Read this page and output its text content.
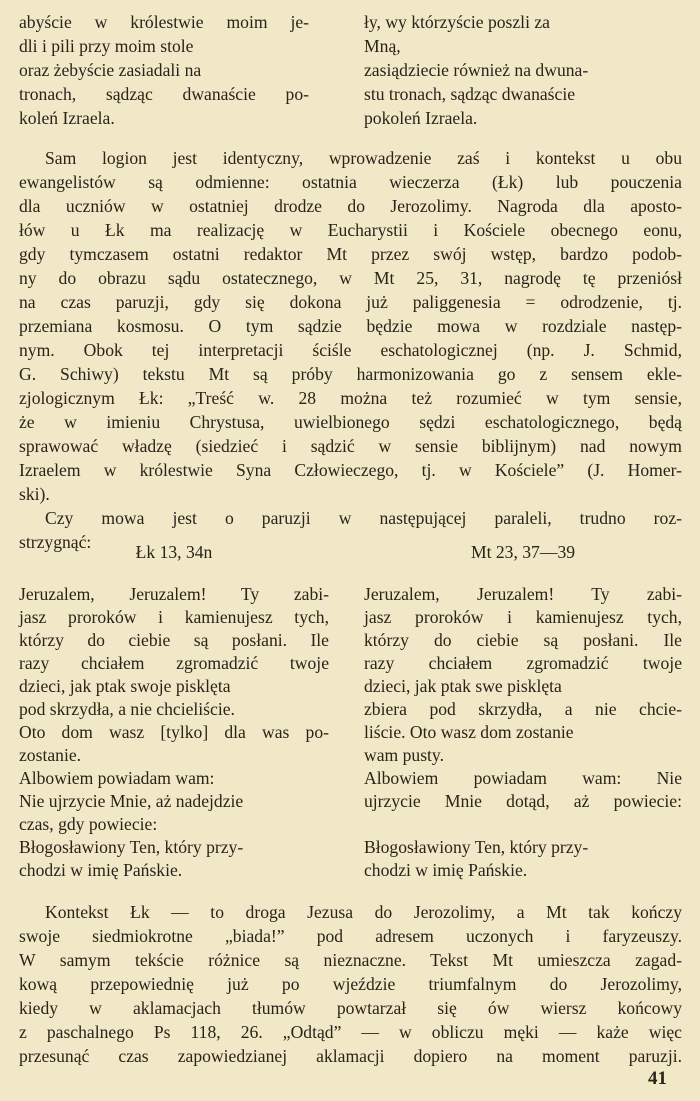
abyście w królestwie moim je-

dli i pili przy moim stole

oraz żebyście zasiadali na

tronach, sądząc dwanaście po-

koleń Izraela.

ły, wy którzyście poszli za

Mną,

zasiądziecie również na dwuna-

stu tronach, sądząc dwanaście

pokoleń Izraela.

Sam logion jest identyczny, wprowadzenie zaś i kontekst u obu

ewangelistów są odmienne: ostatnia wieczerza (Łk) lub pouczenia

dla uczniów w ostatniej drodze do Jerozolimy. Nagroda dla aposto-

łów u Łk ma realizację w Eucharystii i Kościele obecnego eonu,

gdy tymczasem ostatni redaktor Mt przez swój wstęp, bardzo podob-

ny do obrazu sądu ostatecznego, w Mt 25, 31, nagrodę tę przeniósł

na czas paruzji, gdy się dokona już paliggenesia = odrodzenie, tj.

przemiana kosmosu. O tym sądzie będzie mowa w rozdziale następ-

nym. Obok tej interpretacji ściśle eschatologicznej (np. J. Schmid,

G. Schiwy) tekstu Mt są próby harmonizowania go z sensem ekle-

zjologicznym Łk: „Treść w. 28 można też rozumieć w tym sensie,

że w imieniu Chrystusa, uwielbionego sędzi eschatologicznego, będą

sprawować władzę (siedzieć i sądzić w sensie biblijnym) nad nowym

Izraelem w królestwie Syna Człowieczego, tj. w Kościele” (J. Homer-

ski).

Czy mowa jest o paruzji w następującej paraleli, trudno roz-

strzygnąć:	Łk 13, 34n	Mt 23, 37—39

Jeruzalem, Jeruzalem! Ty zabi-

jasz proroków i kamienujesz tych,

którzy do ciebie są posłani. Ile

razy chciałem zgromadzić twoje

dzieci, jak ptak swoje pisklęta

pod skrzydła, a nie chcieliście.

Oto dom wasz [tylko] dla was po-

zostanie.

Albowiem powiadam wam:

Nie ujrzycie Mnie, aż nadejdzie

czas, gdy powiecie:

Błogosławiony Ten, który przy-

chodzi w imię Pańskie.

Jeruzalem, Jeruzalem! Ty zabi-

jasz proroków i kamienujesz tych,

którzy do ciebie są posłani. Ile

razy chciałem zgromadzić twoje

dzieci, jak ptak swe pisklęta

zbiera pod skrzydła, a nie chcie-

liście. Oto wasz dom zostanie

wam pusty.

Albowiem powiadam wam: Nie

ujrzycie Mnie dotąd, aż powiecie:

Błogosławiony Ten, który przy-

chodzi w imię Pańskie.

Kontekst Łk — to droga Jezusa do Jerozolimy, a Mt tak kończy

swoje siedmiokrotne „biada!” pod adresem uczonych i faryzeuszy.

W samym tekście różnice są nieznaczne. Tekst Mt umieszcza zagad-

kową przepowiednię już po wjeździe triumfalnym do Jerozolimy,

kiedy w aklamacjach tłumów powtarzał się ów wiersz końcowy

z paschalnego Ps 118, 26. „Odtąd” — w obliczu męki — każe więc

przesunąć czas zapowiedzianej aklamacji dopiero na moment paruzji.

41
